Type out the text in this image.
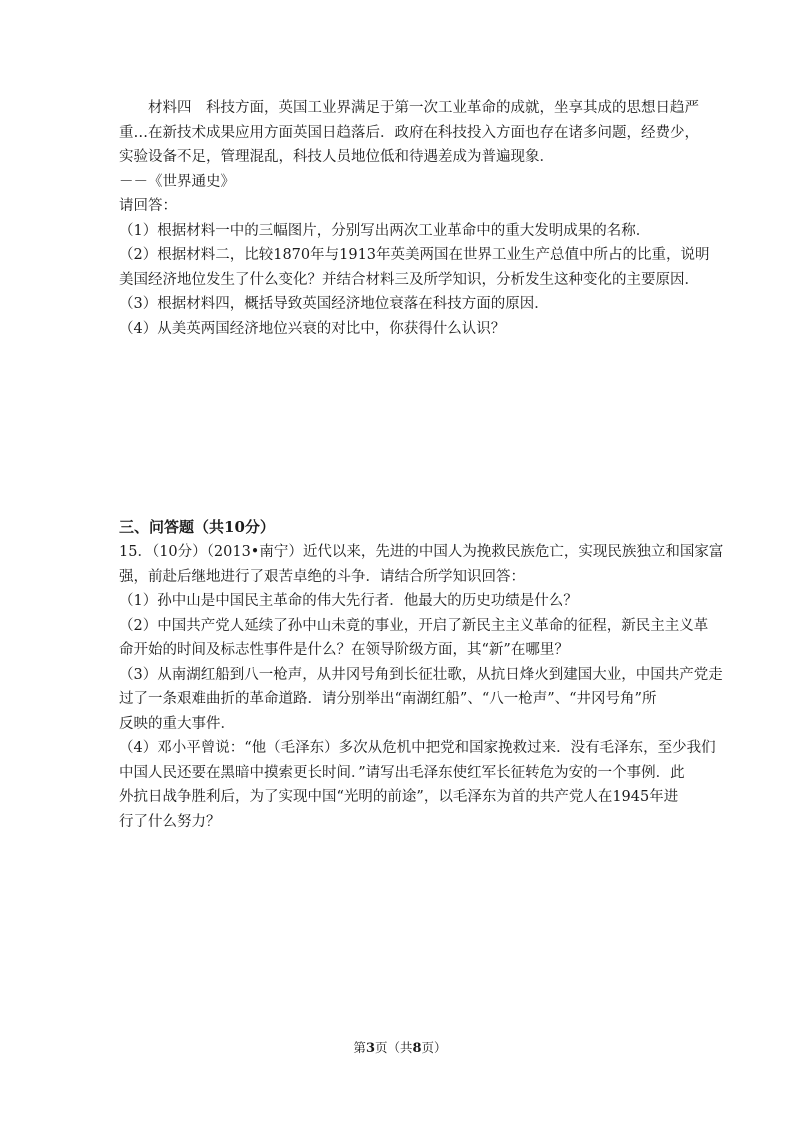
材料四　科技方面，英国工业界满足于第一次工业革命的成就，坐享其成的思想日趋严
重…在新技术成果应用方面英国日趋落后．政府在科技投入方面也存在诸多问题，经费少，
实验设备不足，管理混乱，科技人员地位低和待遇差成为普遍现象．
－－《世界通史》
请回答：
（1）根据材料一中的三幅图片，分别写出两次工业革命中的重大发明成果的名称．
（2）根据材料二，比较1870年与1913年英美两国在世界工业生产总值中所占的比重，说明
美国经济地位发生了什么变化？并结合材料三及所学知识，分析发生这种变化的主要原因．
（3）根据材料四，概括导致英国经济地位衰落在科技方面的原因．
（4）从美英两国经济地位兴衰的对比中，你获得什么认识？
三、问答题（共10分）
15．（10分）（2013•南宁）近代以来，先进的中国人为挽救民族危亡，实现民族独立和国家富
强，前赴后继地进行了艰苦卓绝的斗争．请结合所学知识回答：
（1）孙中山是中国民主革命的伟大先行者．他最大的历史功绩是什么？
（2）中国共产党人延续了孙中山未竟的事业，开启了新民主主义革命的征程，新民主主义革
命开始的时间及标志性事件是什么？在领导阶级方面，其“新”在哪里？
（3）从南湖红船到八一枪声，从井冈号角到长征壮歌，从抗日烽火到建国大业，中国共产党走
过了一条艰难曲折的革命道路．请分别举出“南湖红船”、“八一枪声”、“井冈号角”所
反映的重大事件．
（4）邓小平曾说：“他（毛泽东）多次从危机中把党和国家挽救过来．没有毛泽东，至少我们
中国人民还要在黑暗中摸索更长时间．”请写出毛泽东使红军长征转危为安的一个事例．此
外抗日战争胜利后，为了实现中国“光明的前途”，以毛泽东为首的共产党人在1945年进
行了什么努力？
第3页（共8页）
